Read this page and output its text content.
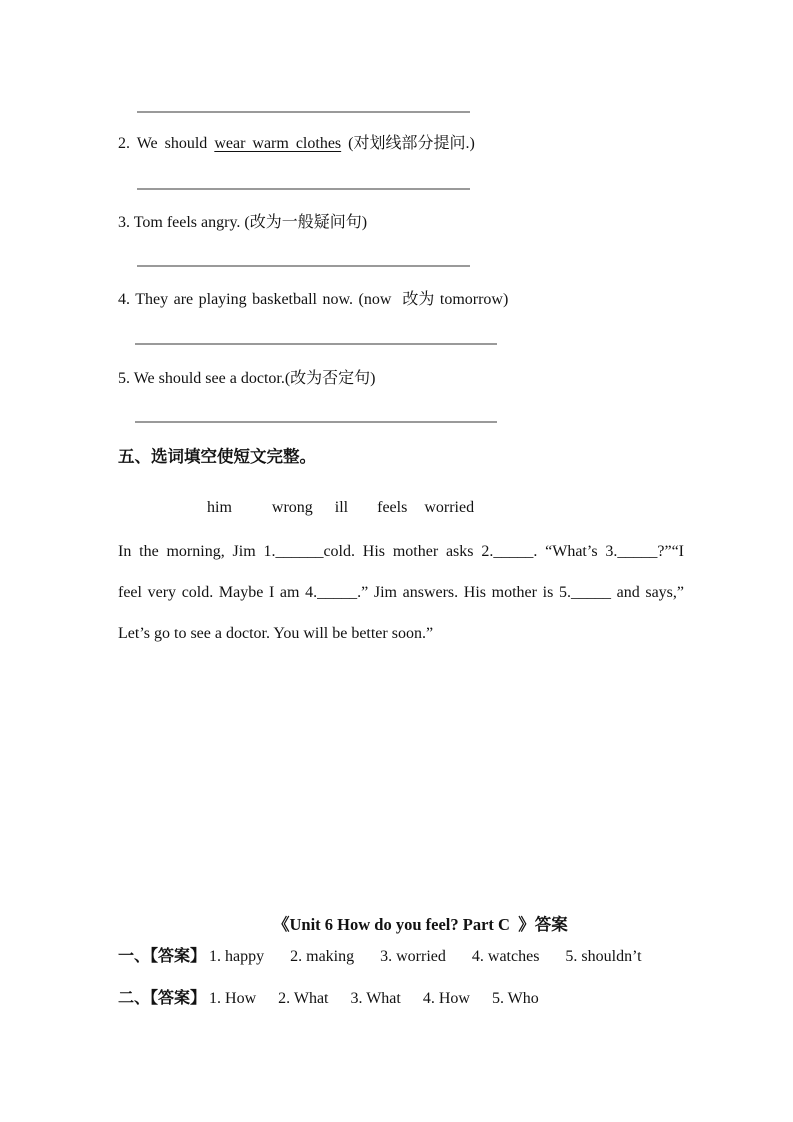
2. We should wear warm clothes (对划线部分提问.)
3. Tom feels angry. (改为一般疑问句)
4. They are playing basketball now. (now  改为 tomorrow)
5. We should see a doctor.(改为否定句)
五、选词填空使短文完整。
him	wrong ill feels worried
In the morning, Jim 1.______cold. His mother asks 2._____. “What’s 3._____?”“I
feel very cold. Maybe I am 4._____.” Jim answers. His mother is 5._____ and says,”
Let’s go to see a doctor. You will be better soon.”
《Unit 6 How do you feel? Part C  》答案
一、【答案】 1. happy 2. making 3. worried 4. watches 5. shouldn’t
二、【答案】 1. How 2. What 3. What 4. How 5. Who
